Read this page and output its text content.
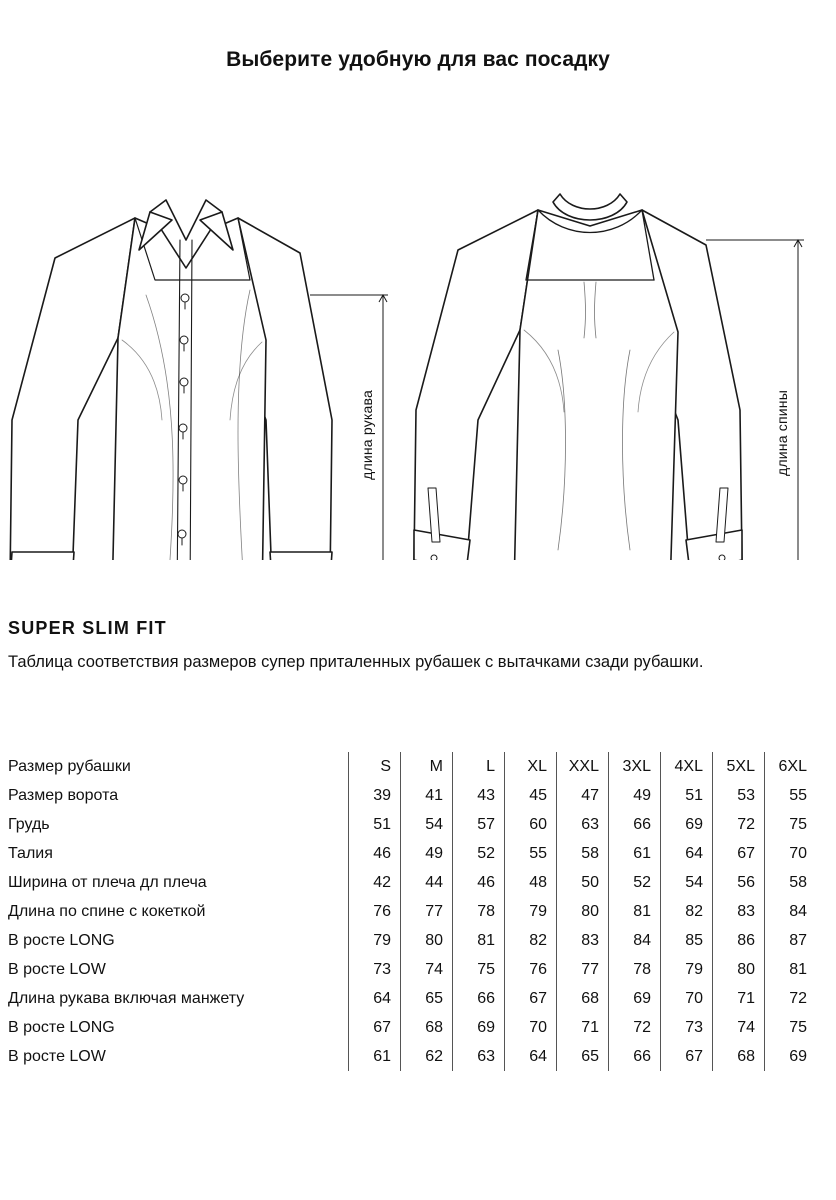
Выберите удобную для вас посадку
длина рукава	длина спины
SUPER SLIM FIT
Таблица соответствия размеров супер приталенных рубашек с вытачками сзади рубашки.
Размер рубашки	S	M	L	XL	XXL	3XL	4XL	5XL	6XL
Размер ворота	39	41	43	45	47	49	51	53	55
Грудь	51	54	57	60	63	66	69	72	75
Талия	46	49	52	55	58	61	64	67	70
Ширина от плеча дл плеча	42	44	46	48	50	52	54	56	58
Длина по спине с кокеткой	76	77	78	79	80	81	82	83	84
В росте LONG	79	80	81	82	83	84	85	86	87
В росте LOW	73	74	75	76	77	78	79	80	81
Длина рукава включая манжету	64	65	66	67	68	69	70	71	72
В росте LONG	67	68	69	70	71	72	73	74	75
В росте LOW	61	62	63	64	65	66	67	68	69
